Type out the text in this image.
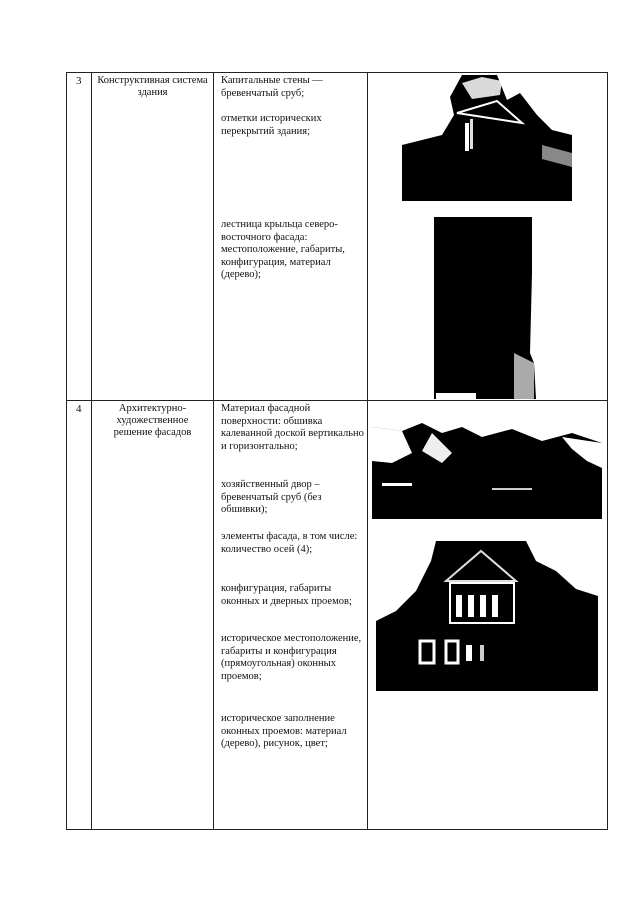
3 Конструктивная система здания
Капитальные стены — бревенчатый сруб;
отметки исторических перекрытий здания;
лестница крыльца северо-восточного фасада: местоположение, габариты, конфигурация, материал (дерево);
4	Архитектурно-художественное решение фасадов
Материал фасадной поверхности: обшивка калеванной доской вертикально и горизонтально;
хозяйственный двор – бревенчатый сруб (без обшивки);
элементы фасада, в том числе: количество осей (4);
конфигурация, габариты оконных и дверных проемов;
историческое местоположение, габариты и конфигурация (прямоугольная) оконных проемов;
историческое заполнение оконных проемов: материал (дерево), рисунок, цвет;
